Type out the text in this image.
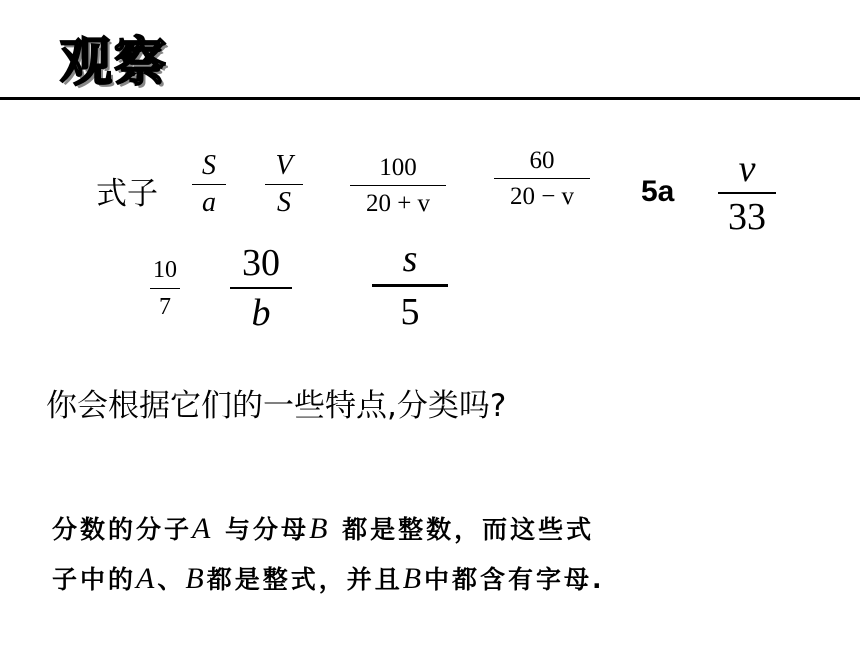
观察
式子
S
a
V
S
100
20 + v
60
20 − v 5a
v
33
10
7
30
b
s
5
你会根据它们的一些特点,分类吗?
分数的分子A 与分母B 都是整数，而这些式
子中的A、B都是整式，并且B中都含有字母.
